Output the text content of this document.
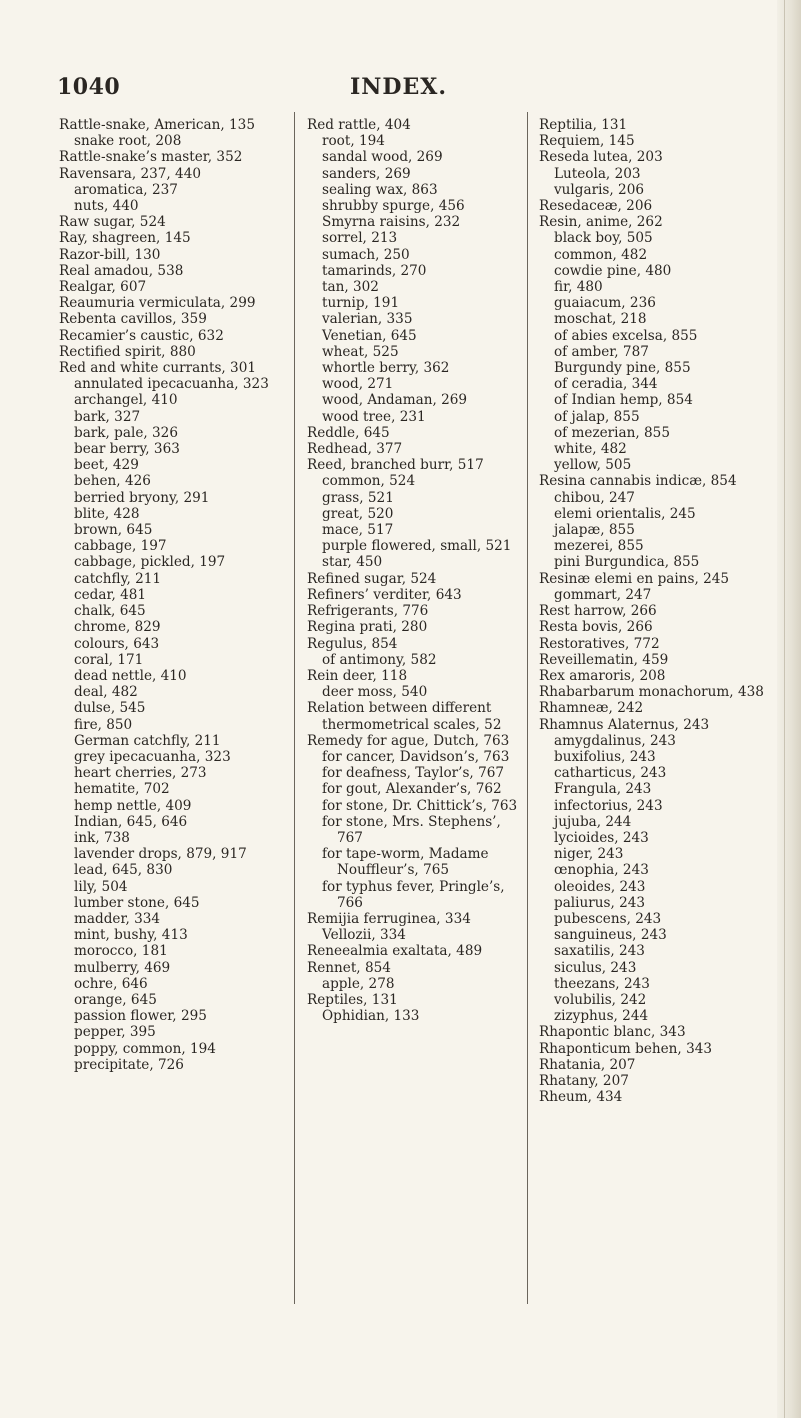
1040	INDEX.
Rattle-snake, American, 135
snake root, 208
Rattle-snake’s master, 352
Ravensara, 237, 440
aromatica, 237
nuts, 440
Raw sugar, 524
Ray, shagreen, 145
Razor-bill, 130
Real amadou, 538
Realgar, 607
Reaumuria vermiculata, 299
Rebenta cavillos, 359
Recamier’s caustic, 632
Rectified spirit, 880
Red and white currants, 301
annulated ipecacuanha, 323
archangel, 410
bark, 327
bark, pale, 326
bear berry, 363
beet, 429
behen, 426
berried bryony, 291
blite, 428
brown, 645
cabbage, 197
cabbage, pickled, 197
catchfly, 211
cedar, 481
chalk, 645
chrome, 829
colours, 643
coral, 171
dead nettle, 410
deal, 482
dulse, 545
fire, 850
German catchfly, 211
grey ipecacuanha, 323
heart cherries, 273
hematite, 702
hemp nettle, 409
Indian, 645, 646
ink, 738
lavender drops, 879, 917
lead, 645, 830
lily, 504
lumber stone, 645
madder, 334
mint, bushy, 413
morocco, 181
mulberry, 469
ochre, 646
orange, 645
passion flower, 295
pepper, 395
poppy, common, 194
precipitate, 726
Red rattle, 404
root, 194
sandal wood, 269
sanders, 269
sealing wax, 863
shrubby spurge, 456
Smyrna raisins, 232
sorrel, 213
sumach, 250
tamarinds, 270
tan, 302
turnip, 191
valerian, 335
Venetian, 645
wheat, 525
whortle berry, 362
wood, 271
wood, Andaman, 269
wood tree, 231
Reddle, 645
Redhead, 377
Reed, branched burr, 517
common, 524
grass, 521
great, 520
mace, 517
purple flowered, small, 521
star, 450
Refined sugar, 524
Refiners’ verditer, 643
Refrigerants, 776
Regina prati, 280
Regulus, 854
of antimony, 582
Rein deer, 118
deer moss, 540
Relation between different thermometrical scales, 52
Remedy for ague, Dutch, 763
for cancer, Davidson’s, 763
for deafness, Taylor’s, 767
for gout, Alexander’s, 762
for stone, Dr. Chittick’s, 763
for stone, Mrs. Stephens’, 767
for tape-worm, Madame Nouffleur’s, 765
for typhus fever, Pringle’s, 766
Remijia ferruginea, 334
Vellozii, 334
Reneealmia exaltata, 489
Rennet, 854
apple, 278
Reptiles, 131
Ophidian, 133
Reptilia, 131
Requiem, 145
Reseda lutea, 203
Luteola, 203
vulgaris, 206
Resedaceæ, 206
Resin, anime, 262
black boy, 505
common, 482
cowdie pine, 480
fir, 480
guaiacum, 236
moschat, 218
of abies excelsa, 855
of amber, 787
Burgundy pine, 855
of ceradia, 344
of Indian hemp, 854
of jalap, 855
of mezerian, 855
white, 482
yellow, 505
Resina cannabis indicæ, 854
chibou, 247
elemi orientalis, 245
jalapæ, 855
mezerei, 855
pini Burgundica, 855
Resinæ elemi en pains, 245
gommart, 247
Rest harrow, 266
Resta bovis, 266
Restoratives, 772
Reveillematin, 459
Rex amaroris, 208
Rhabarbarum monachorum, 438
Rhamneæ, 242
Rhamnus Alaternus, 243
amygdalinus, 243
buxifolius, 243
catharticus, 243
Frangula, 243
infectorius, 243
jujuba, 244
lycioides, 243
niger, 243
œnophia, 243
oleoides, 243
paliurus, 243
pubescens, 243
sanguineus, 243
saxatilis, 243
siculus, 243
theezans, 243
volubilis, 242
zizyphus, 244
Rhapontic blanc, 343
Rhaponticum behen, 343
Rhatania, 207
Rhatany, 207
Rheum, 434
